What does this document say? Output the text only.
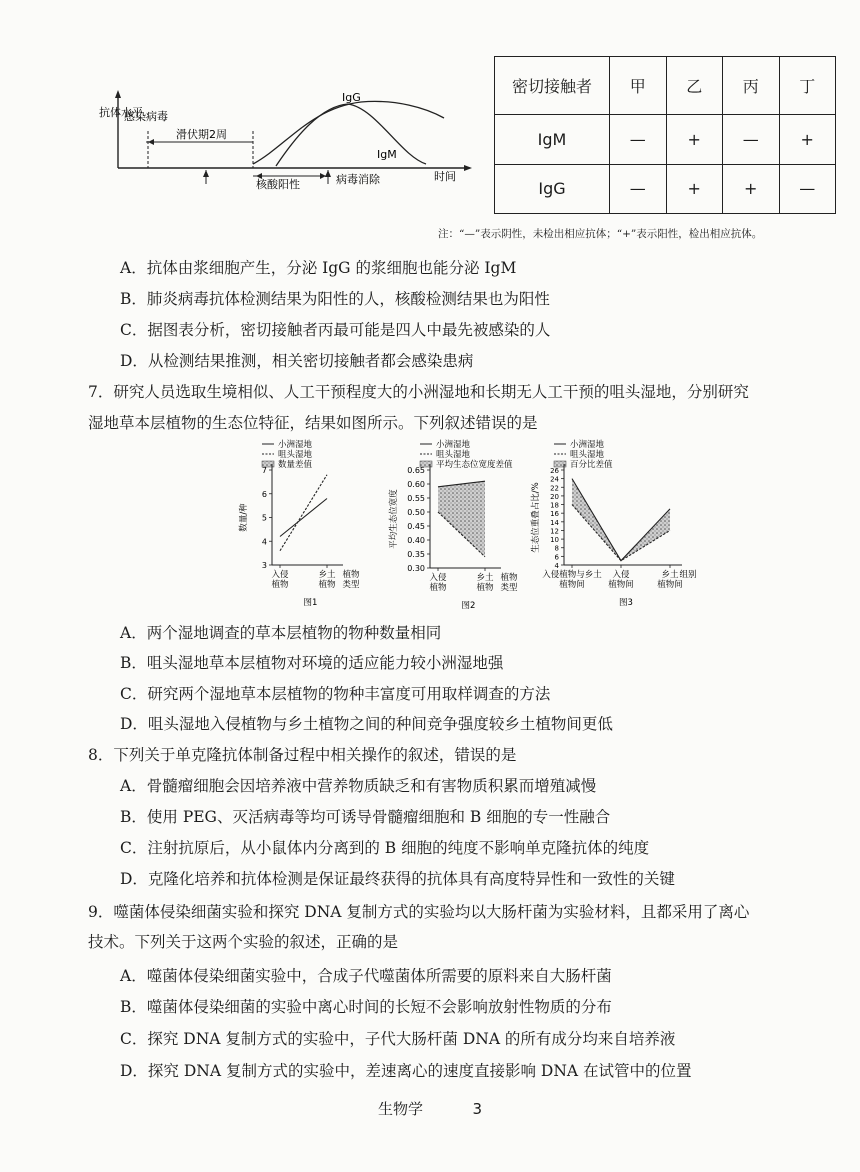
抗体水平
感染病毒
滑伏期2周
IgG
IgM
核酸阳性	病毒消除	时间
密切接触者	甲	乙	丙	丁
IgM	—	+	—	+
IgG	—	+	+	—
注：“—”表示阴性，未检出相应抗体；“+”表示阳性，检出相应抗体。
A．抗体由浆细胞产生，分泌 IgG 的浆细胞也能分泌 IgM
B．肺炎病毒抗体检测结果为阳性的人，核酸检测结果也为阳性
C．据图表分析，密切接触者丙最可能是四人中最先被感染的人
D．从检测结果推测，相关密切接触者都会感染患病
7．研究人员选取生境相似、人工干预程度大的小洲湿地和长期无人工干预的咀头湿地，分别研究
湿地草本层植物的生态位特征，结果如图所示。下列叙述错误的是
小洲湿地
咀头湿地
数量差值
3
4
5
6
7
数量/种
入侵植物
乡土植物
植物类型
图1
小洲湿地
咀头湿地
平均生态位宽度差值
0.30
0.35
0.40
0.45
0.50
0.55
0.60
0.65
平均生态位宽度
入侵植物
乡土植物
植物类型
图2
小洲湿地
咀头湿地
百分比差值
4
6
8
10
12
14
16
18
20
22
24
26
生态位重叠占比/%
入侵植物与乡土植物间
入侵植物间
乡土植物间
组别
图3
A．两个湿地调查的草本层植物的物种数量相同
B．咀头湿地草本层植物对环境的适应能力较小洲湿地强
C．研究两个湿地草本层植物的物种丰富度可用取样调查的方法
D．咀头湿地入侵植物与乡土植物之间的种间竞争强度较乡土植物间更低
8．下列关于单克隆抗体制备过程中相关操作的叙述，错误的是
A．骨髓瘤细胞会因培养液中营养物质缺乏和有害物质积累而增殖减慢
B．使用 PEG、灭活病毒等均可诱导骨髓瘤细胞和 B 细胞的专一性融合
C．注射抗原后，从小鼠体内分离到的 B 细胞的纯度不影响单克隆抗体的纯度
D．克隆化培养和抗体检测是保证最终获得的抗体具有高度特异性和一致性的关键
9．噬菌体侵染细菌实验和探究 DNA 复制方式的实验均以大肠杆菌为实验材料，且都采用了离心
技术。下列关于这两个实验的叙述，正确的是
A．噬菌体侵染细菌实验中，合成子代噬菌体所需要的原料来自大肠杆菌
B．噬菌体侵染细菌的实验中离心时间的长短不会影响放射性物质的分布
C．探究 DNA 复制方式的实验中，子代大肠杆菌 DNA 的所有成分均来自培养液
D．探究 DNA 复制方式的实验中，差速离心的速度直接影响 DNA 在试管中的位置
生物学	3
